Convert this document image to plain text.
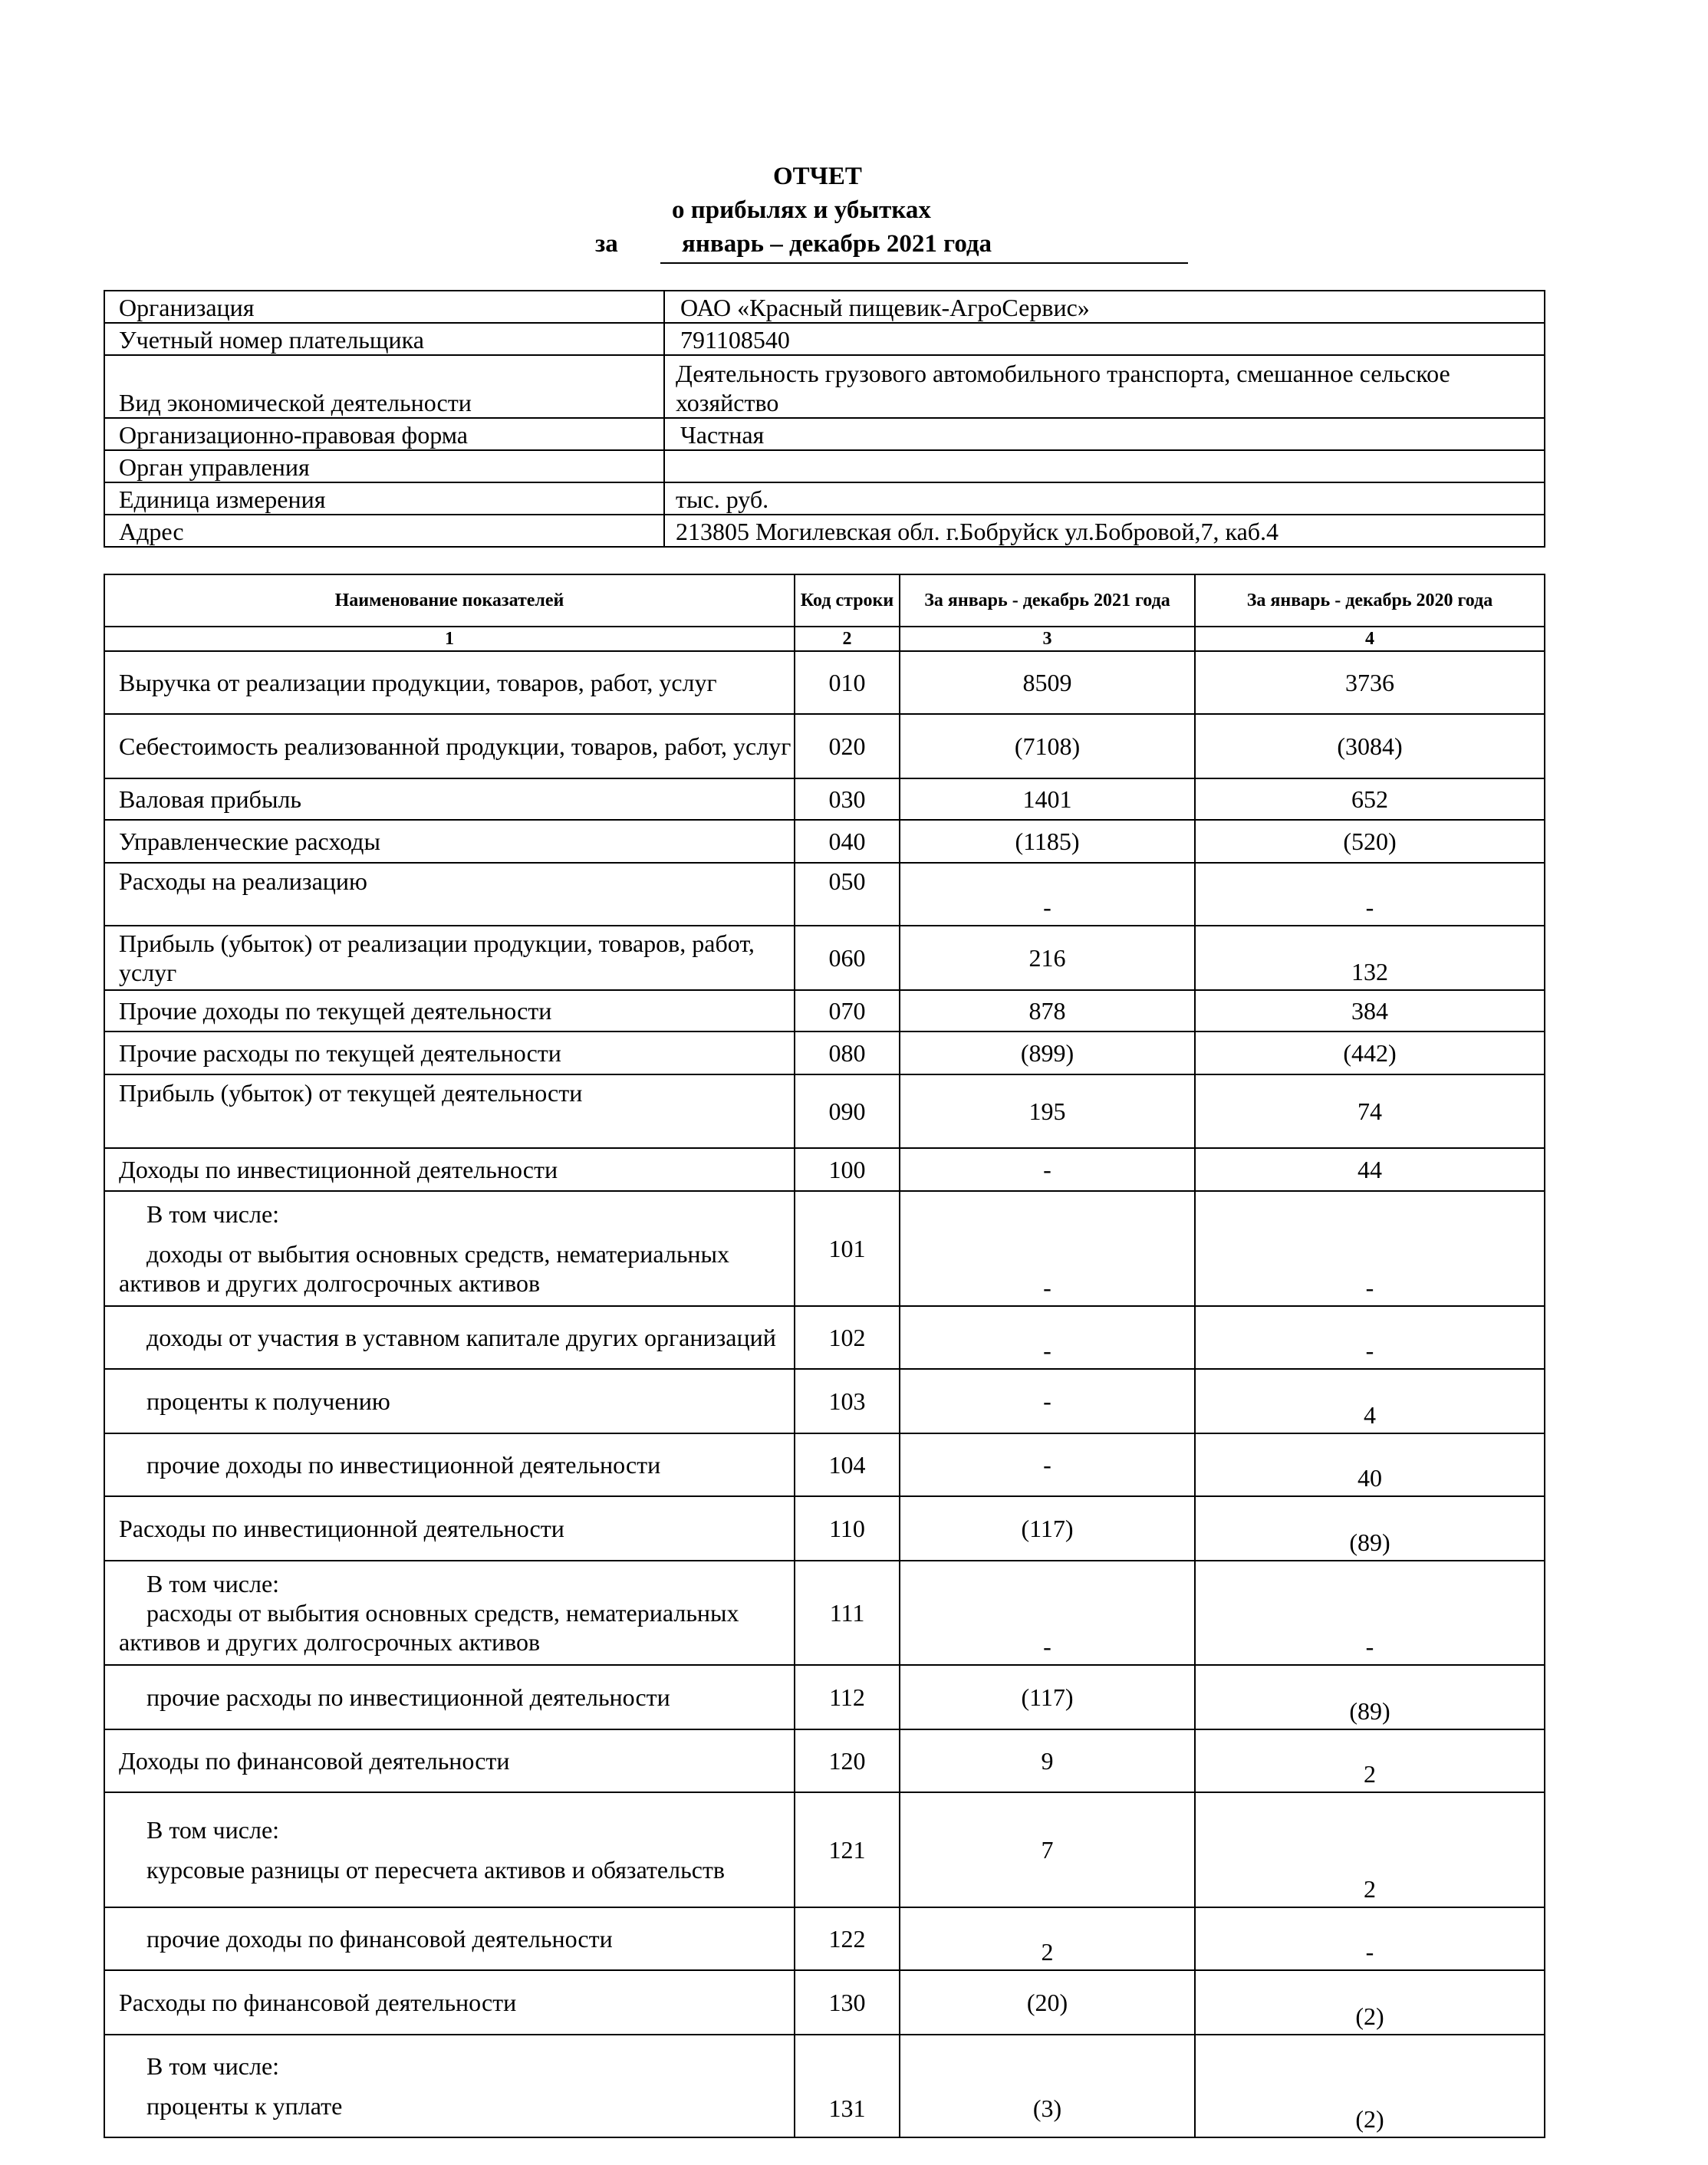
ОТЧЕТ
о прибылях и убытках
за	январь – декабрь 2021 года
Организация	ОАО «Красный пищевик-АгроСервис»
Учетный номер плательщика	791108540
Вид экономической деятельности	Деятельность грузового автомобильного транспорта, смешанное сельское хозяйство
Организационно-правовая форма	Частная
Орган управления	
Единица измерения	тыс. руб.
Адрес	213805 Могилевская обл. г.Бобруйск ул.Бобровой,7, каб.4
Наименование показателей	Код строки	За январь - декабрь 2021 года	За январь - декабрь 2020 года
1	2	3	4
Выручка от реализации продукции, товаров, работ, услуг	010	8509	3736
Себестоимость реализованной продукции, товаров, работ, услуг	020	(7108)	(3084)
Валовая прибыль	030	1401	652
Управленческие расходы	040	(1185)	(520)
Расходы на реализацию	050	-	-
Прибыль (убыток) от реализации продукции, товаров, работ, услуг	060	216	132
Прочие доходы по текущей деятельности	070	878	384
Прочие расходы по текущей деятельности	080	(899)	(442)
Прибыль (убыток) от текущей деятельности	090	195	74
Доходы по инвестиционной деятельности	100	-	44

В том числе:
доходы от выбытия основных средств, нематериальных активов и других долгосрочных активов	101	-	-

доходы от участия в уставном капитале других организаций	102	-	-

проценты к получению	103	-	4

прочие доходы по инвестиционной деятельности	104	-	40
Расходы по инвестиционной деятельности	110	(117)	(89)

В том числе:
расходы от выбытия основных средств, нематериальных активов и других долгосрочных активов	111	-	-

прочие расходы по инвестиционной деятельности	112	(117)	(89)
Доходы по финансовой деятельности	120	9	2

В том числе:
курсовые разницы от пересчета активов и обязательств	121	7	2

прочие доходы по финансовой деятельности	122	2	-
Расходы по финансовой деятельности	130	(20)	(2)

В том числе:
проценты к уплате	131	(3)	(2)
